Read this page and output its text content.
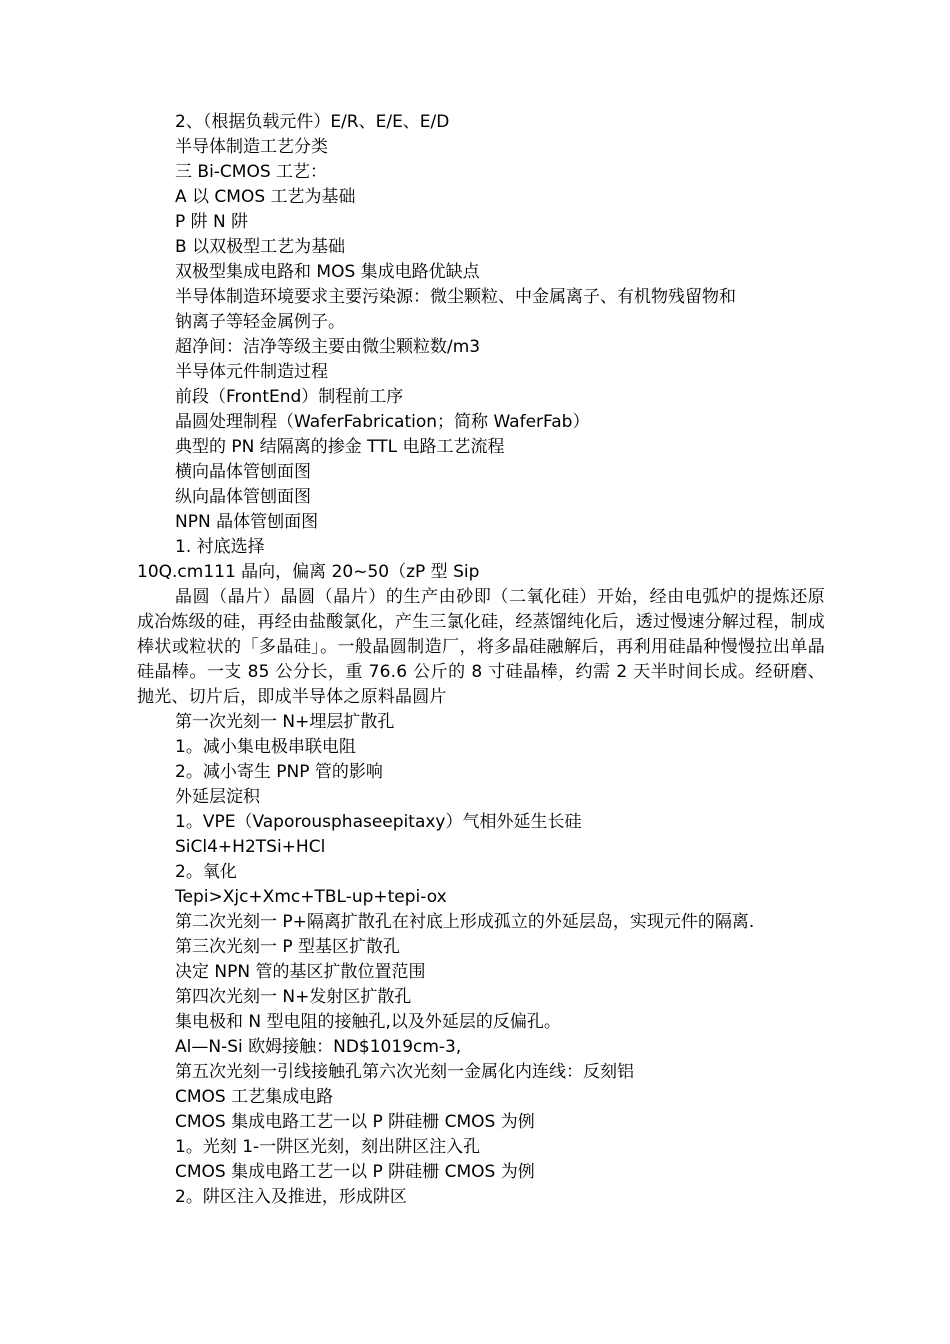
2、（根据负载元件）E/R、E/E、E/D
半导体制造工艺分类
三 Bi-CMOS 工艺：
A 以 CMOS 工艺为基础
P 阱 N 阱
B 以双极型工艺为基础
双极型集成电路和 MOS 集成电路优缺点
半导体制造环境要求主要污染源：微尘颗粒、中金属离子、有机物残留物和
钠离子等轻金属例子。
超净间：洁净等级主要由微尘颗粒数/m3
半导体元件制造过程
前段（FrontEnd）制程前工序
晶圆处理制程（WaferFabrication；简称 WaferFab）
典型的 PN 结隔离的掺金 TTL 电路工艺流程
横向晶体管刨面图
纵向晶体管刨面图
NPN 晶体管刨面图
1. 衬底选择
10Q.cm111 晶向，偏离 20~50（zP 型 Sip
晶圆（晶片）晶圆（晶片）的生产由砂即（二氧化硅）开始，经由电弧炉的提炼还原成冶炼级的硅，再经由盐酸氯化，产生三氯化硅，经蒸馏纯化后，透过慢速分解过程，制成棒状或粒状的「多晶硅」。一般晶圆制造厂，将多晶硅融解后，再利用硅晶种慢慢拉出单晶硅晶棒。一支 85 公分长，重 76.6 公斤的 8 寸硅晶棒，约需 2 天半时间长成。经研磨、抛光、切片后，即成半导体之原料晶圆片
第一次光刻一 N+埋层扩散孔
1。减小集电极串联电阻
2。减小寄生 PNP 管的影响
外延层淀积
1。VPE（Vaporousphaseepitaxy）气相外延生长硅
SiCl4+H2TSi+HCl
2。氧化
Tepi>Xjc+Xmc+TBL-up+tepi-ox
第二次光刻一 P+隔离扩散孔在衬底上形成孤立的外延层岛，实现元件的隔离.
第三次光刻一 P 型基区扩散孔
决定 NPN 管的基区扩散位置范围
第四次光刻一 N+发射区扩散孔
集电极和 N 型电阻的接触孔,以及外延层的反偏孔。
Al—N-Si 欧姆接触：ND$1019cm-3,
第五次光刻一引线接触孔第六次光刻一金属化内连线：反刻铝
CMOS 工艺集成电路
CMOS 集成电路工艺一以 P 阱硅栅 CMOS 为例
1。光刻 1-一阱区光刻，刻出阱区注入孔
CMOS 集成电路工艺一以 P 阱硅栅 CMOS 为例
2。阱区注入及推进，形成阱区
